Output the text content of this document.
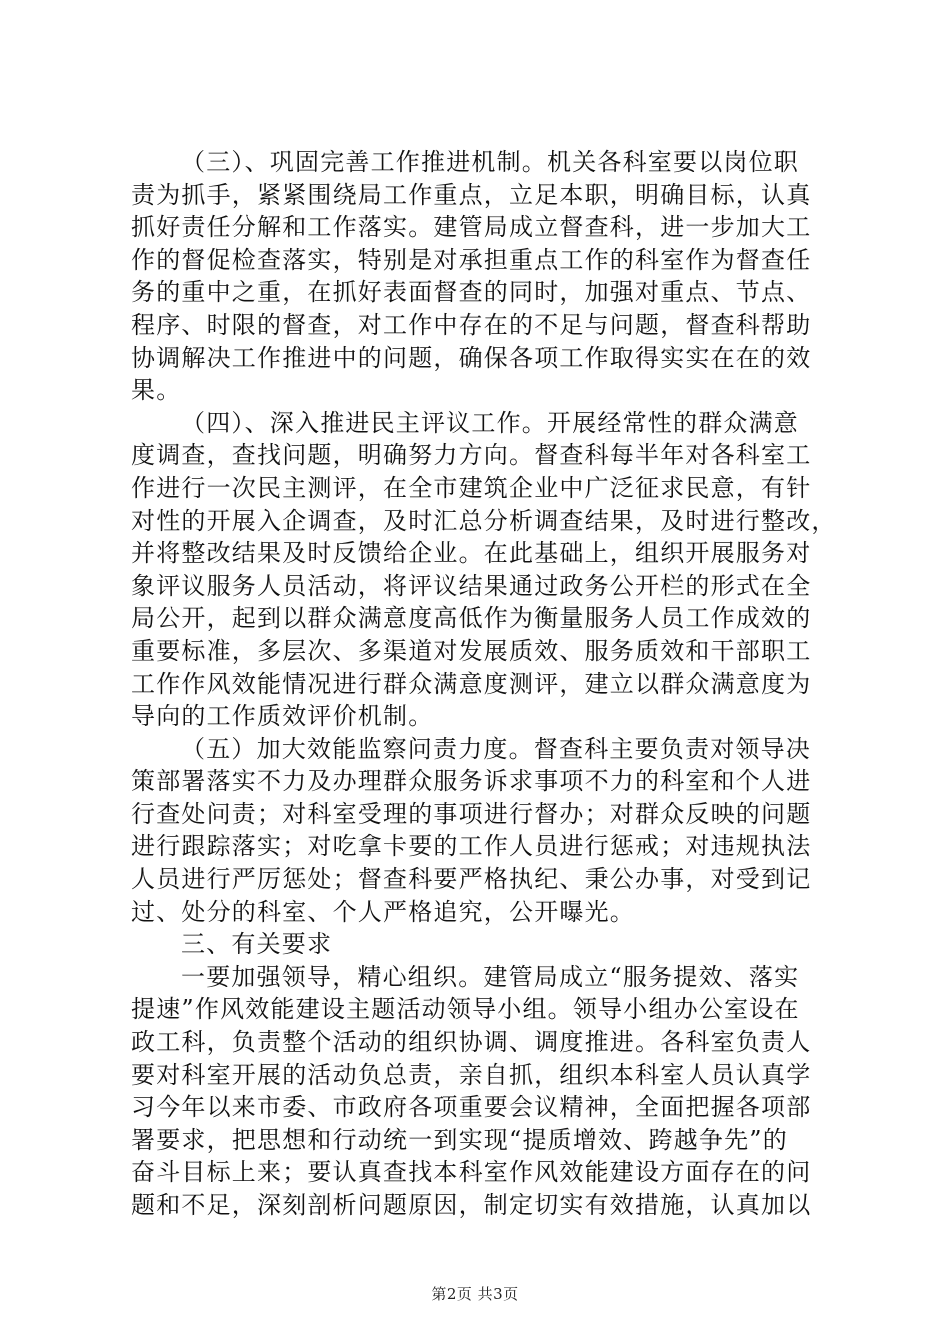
（三）、巩固完善工作推进机制。机关各科室要以岗位职
责为抓手，紧紧围绕局工作重点，立足本职，明确目标，认真
抓好责任分解和工作落实。建管局成立督查科，进一步加大工
作的督促检查落实，特别是对承担重点工作的科室作为督查任
务的重中之重，在抓好表面督查的同时，加强对重点、节点、
程序、时限的督查，对工作中存在的不足与问题，督查科帮助
协调解决工作推进中的问题，确保各项工作取得实实在在的效
果。
（四）、深入推进民主评议工作。开展经常性的群众满意
度调查，查找问题，明确努力方向。督查科每半年对各科室工
作进行一次民主测评，在全市建筑企业中广泛征求民意，有针
对性的开展入企调查，及时汇总分析调查结果，及时进行整改，
并将整改结果及时反馈给企业。在此基础上，组织开展服务对
象评议服务人员活动，将评议结果通过政务公开栏的形式在全
局公开，起到以群众满意度高低作为衡量服务人员工作成效的
重要标准，多层次、多渠道对发展质效、服务质效和干部职工
工作作风效能情况进行群众满意度测评，建立以群众满意度为
导向的工作质效评价机制。
（五）加大效能监察问责力度。督查科主要负责对领导决
策部署落实不力及办理群众服务诉求事项不力的科室和个人进
行查处问责；对科室受理的事项进行督办；对群众反映的问题
进行跟踪落实；对吃拿卡要的工作人员进行惩戒；对违规执法
人员进行严厉惩处；督查科要严格执纪、秉公办事，对受到记
过、处分的科室、个人严格追究，公开曝光。
三、有关要求
一要加强领导，精心组织。建管局成立“服务提效、落实
提速”作风效能建设主题活动领导小组。领导小组办公室设在
政工科，负责整个活动的组织协调、调度推进。各科室负责人
要对科室开展的活动负总责，亲自抓，组织本科室人员认真学
习今年以来市委、市政府各项重要会议精神，全面把握各项部
署要求，把思想和行动统一到实现“提质增效、跨越争先”的
奋斗目标上来；要认真查找本科室作风效能建设方面存在的问
题和不足，深刻剖析问题原因，制定切实有效措施，认真加以
第2页 共3页
